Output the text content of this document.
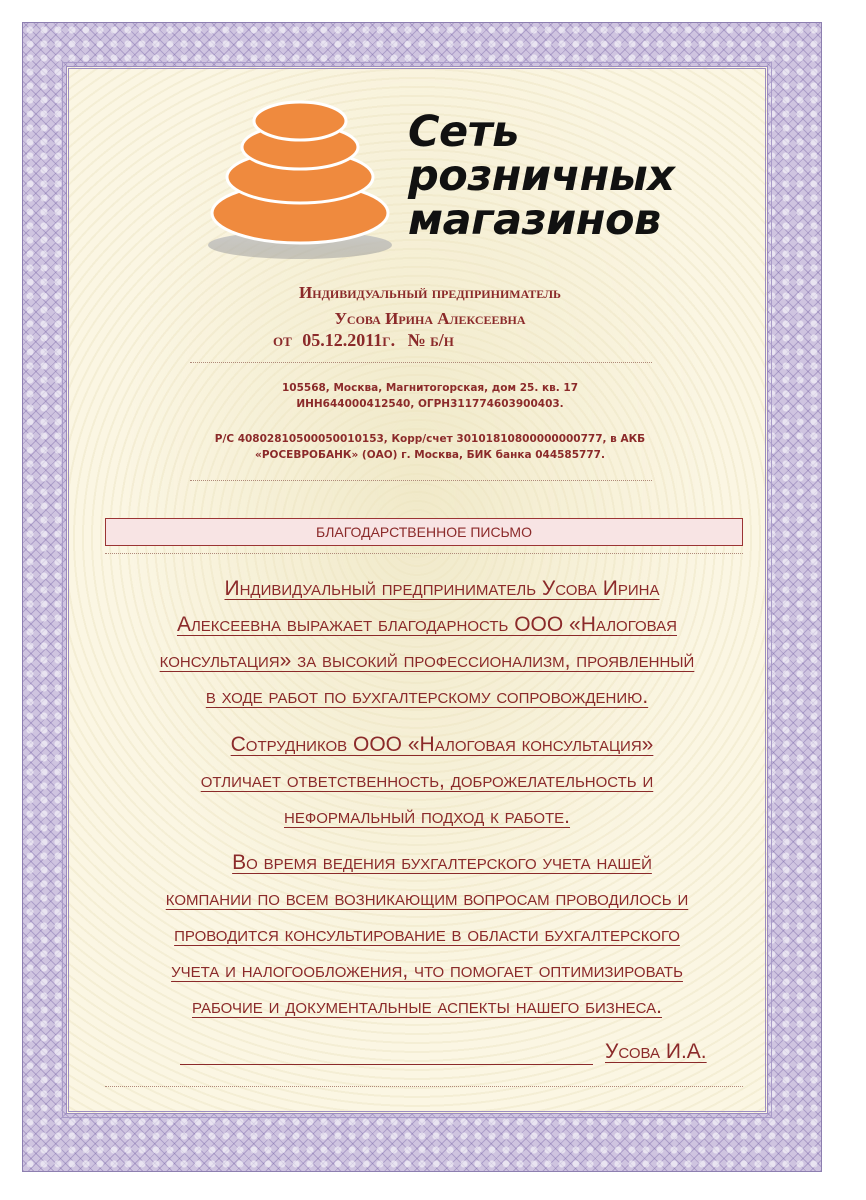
Сеть
розничных
магазинов
Индивидуальный предприниматель
Усова Ирина Алексеевна
от 05.12.2011г. № б/н
105568, Москва, Магнитогорская, дом 25. кв. 17
ИНН644000412540, ОГРН311774603900403.
Р/С 40802810500050010153, Корр/счет 30101810800000000777, в АКБ
«РОСЕВРОБАНК» (ОАО) г. Москва, БИК банка 044585777.
БЛАГОДАРСТВЕННОЕ ПИСЬМО
Индивидуальный предприниматель Усова Ирина
Алексеевна выражает благодарность ООО «Налоговая
консультация» за высокий профессионализм, проявленный
в ходе работ по бухгалтерскому сопровождению.
Сотрудников ООО «Налоговая консультация»
отличает ответственность, доброжелательность и
неформальный подход к работе.
Во время ведения бухгалтерского учета нашей
компании по всем возникающим вопросам проводилось и
проводится консультирование в области бухгалтерского
учета и налогообложения, что помогает оптимизировать
рабочие и документальные аспекты нашего бизнеса.
Усова И.А.
